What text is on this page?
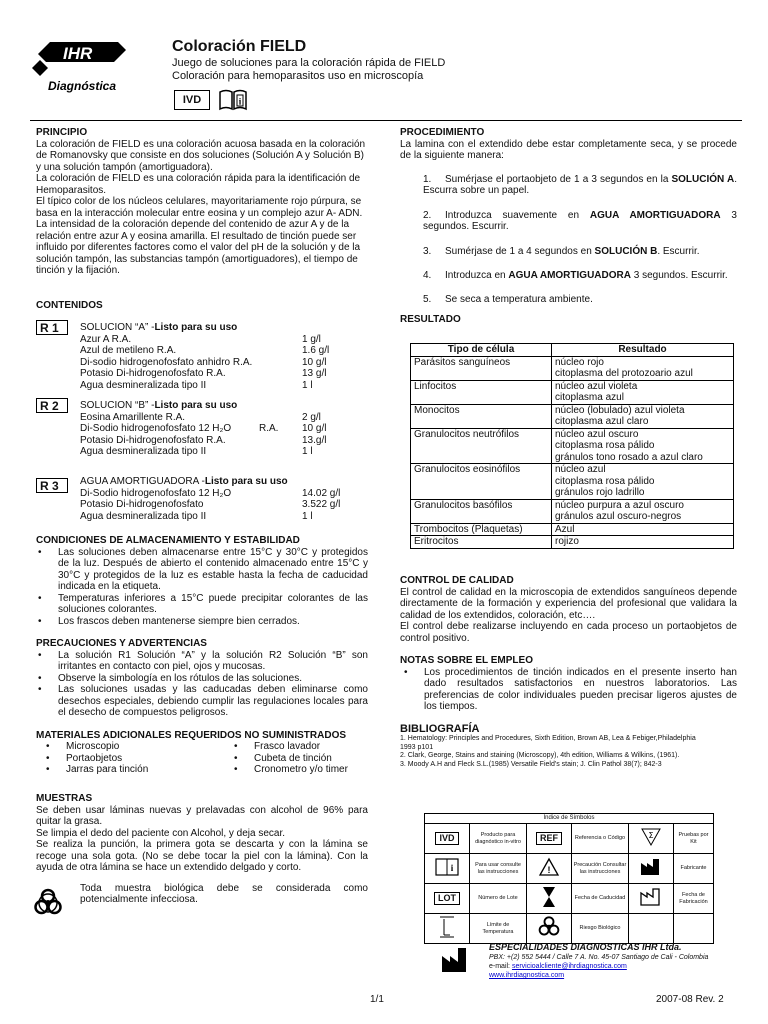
IHR
Diagnóstica
Coloración FIELD
Juego de soluciones para la coloración rápida de FIELD
Coloración para hemoparasitos uso en microscopía
IVD	i

PRINCIPIO

La coloración de FIELD es una coloración acuosa basada en la coloración
de Romanovsky que consiste en dos soluciones (Solución A y Solución B)
y una solución tampón (amortiguadora).
La coloración de FIELD es una coloración rápida para la identificación de
Hemoparasitos.
El típico color de los núcleos celulares, mayoritariamente rojo púrpura, se
basa en la interacción molecular entre eosina y un complejo azur A- ADN.
La intensidad de la coloración depende del contenido de azur A y de la
relación entre azur A y eosina amarilla. El resultado de tinción puede ser
influido por diferentes factores como el valor del pH de la solución y de la
solución tampón, las substancias tampón (amortiguadores), el tiempo de
tinción y la fijación.

CONTENIDOS

R 1	SOLUCION “A” -Listo para su uso
Azur A R.A.	1 g/l
Azul de metileno R.A.	1.6 g/l
Di-sodio hidrogenofosfato anhidro R.A.	10 g/l
Potasio Di-hidrogenofosfato R.A.	13 g/l
Agua desmineralizada tipo II	1 l
R 2	SOLUCION “B” -Listo para su uso
Eosina Amarillente R.A.	2 g/l
Di-Sodio hidrogenofosfato 12 H₂O          R.A. 10 g/l
Potasio Di-hidrogenofosfato R.A.	13.g/l
Agua desmineralizada tipo II	1 l
R 3	AGUA AMORTIGUADORA -Listo para su uso
Di-Sodio hidrogenofosfato 12 H₂O	14.02 g/l
Potasio Di-hidrogenofosfato	3.522 g/l
Agua desmineralizada tipo II	1 l

CONDICIONES DE ALMACENAMIENTO Y ESTABILIDAD

• Las soluciones deben almacenarse entre 15°C y 30°C y protegidos de la luz. Después de abierto el contenido almacenado entre 15°C y 30°C y protegidos de la luz es estable hasta la fecha de caducidad indicada en la etiqueta.

• Temperaturas inferiores a 15°C puede precipitar colorantes de las soluciones colorantes.

• Los frascos deben mantenerse siempre bien cerrados.

PRECAUCIONES Y ADVERTENCIAS

• La solución R1 Solución “A” y la solución R2 Solución “B” son irritantes en contacto con piel, ojos y mucosas.

• Observe la simbología en los rótulos de las soluciones.

• Las soluciones usadas y las caducadas deben eliminarse como desechos especiales, debiendo cumplir las regulaciones locales para el desecho de compuestos peligrosos.

MATERIALES ADICIONALES REQUERIDOS NO SUMINISTRADOS

• Microscopio

• Portaobjetos

• Jarras para tinción

• Frasco lavador

• Cubeta de tinción

• Cronometro y/o timer

MUESTRAS

Se deben usar láminas nuevas y prelavadas con alcohol de 96% para quitar la grasa.

Se limpia el dedo del paciente con Alcohol, y deja secar.

Se realiza la punción, la primera gota se descarta y con la lámina se recoge una sola gota. (No se debe tocar la piel con la lámina). Con la ayuda de otra lámina se hace un extendido delgado y corto.

Toda muestra biológica debe se considerada como potencialmente infecciosa.

PROCEDIMIENTO

La lamina con el extendido debe estar completamente seca, y se procede de la siguiente manera:

1.	Sumérjase el portaobjeto de 1 a 3 segundos en la SOLUCIÓN A. Escurra sobre un papel.
2.	Introduzca suavemente en AGUA AMORTIGUADORA 3 segundos. Escurrir.
3.	Sumérjase de 1 a 4 segundos en SOLUCIÓN B. Escurrir.
4.	Introduzca en AGUA AMORTIGUADORA 3 segundos. Escurrir.
5.	Se seca a temperatura ambiente.

RESULTADO

Tipo de célula	Resultado
Parásitos sanguíneos	núcleo rojo
citoplasma del protozoario azul
Linfocitos	núcleo azul violeta
citoplasma azul
Monocitos	núcleo (lobulado) azul violeta
citoplasma azul claro
Granulocitos neutrófilos	núcleo azul oscuro
citoplasma rosa pálido
gránulos tono rosado a azul claro
Granulocitos eosinófilos	núcleo azul
citoplasma rosa pálido
gránulos rojo ladrillo

Granulocitos basófilos	núcleo purpura a azul oscuro
gránulos azul oscuro-negros
Trombocitos (Plaquetas)	Azul
Eritrocitos	rojizo

CONTROL DE CALIDAD

El control de calidad en la microscopia de extendidos sanguíneos depende directamente de la formación y experiencia del profesional que validara la calidad de los extendidos, coloración, etc….

El control debe realizarse incluyendo en cada proceso un portaobjetos de control positivo.

NOTAS SOBRE EL EMPLEO

• Los procedimientos de tinción indicados en el presente inserto han dado resultados satisfactorios en nuestros laboratorios. Las preferencias de color individuales pueden precisar ligeros ajustes de los tiempos.

BIBLIOGRAFÍA

1. Hematology: Principles and Procedures, Sixth Edition, Brown AB, Lea & Febiger,Philadelphia
1993 p101
2. Clark, George, Stains and staining (Microscopy), 4th edition, Williams & Wilkins, (1961).
3. Moody A.H and Fleck S.L.(1985) Versatile Field's stain; J. Clin Pathol 38(7); 842-3
Índice de Símbolos					
IVD	Producto para diagnóstico in-vitro	REF	Referencia o Código	Σ	Pruebas por Kit

i	Para usar consulte las instrucciones	!	Precaución Consultar las instrucciones		Fabricante
LOT	Número de Lote		Fecha de Caducidad		Fecha de Fabricación
	Límite de Temperatura		Riesgo Biológico		
ESPECIALIDADES DIAGNOSTICAS IHR Ltda.
PBX: +(2) 552 5444 / Calle 7 A. No. 45-07 Santiago de Cali - Colombia
e-mail: servicioalcliente@ihrdiagnostica.com
www.ihrdiagnostica.com
1/1	2007-08 Rev. 2
